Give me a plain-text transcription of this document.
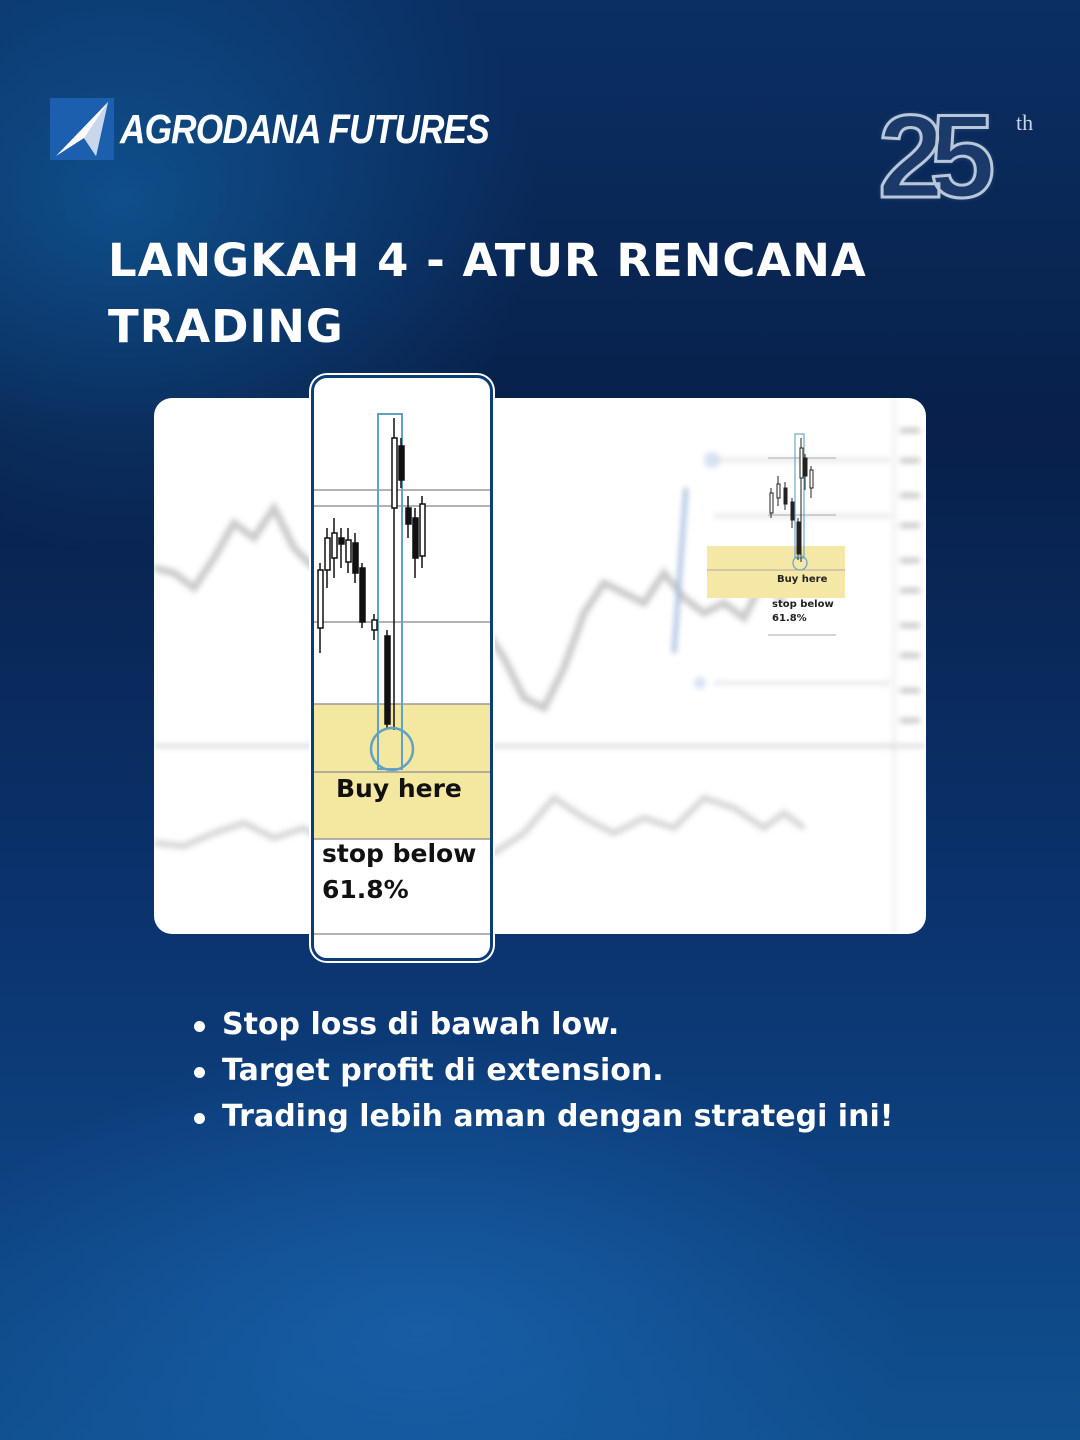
AGRODANA FUTURES	25 th
LANGKAH 4 - ATUR RENCANA TRADING
Buy here
stop below 61.8%
Buy here
stop below 61.8%
Stop loss di bawah low.
Target profit di extension.
Trading lebih aman dengan strategi ini!
